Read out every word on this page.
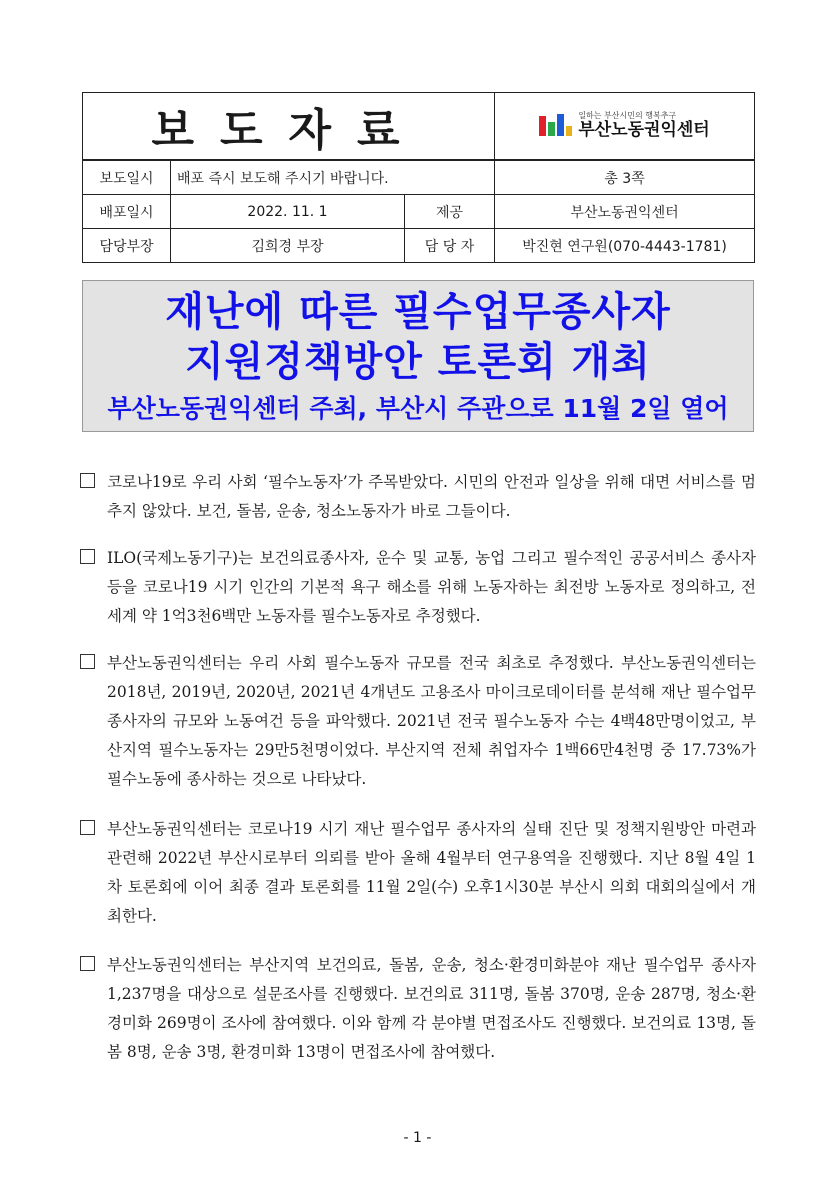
보도자료			일하는 부산시민의 행복추구
부산노동권익센터

보도일시	배포 즉시 보도해 주시기 바랍니다.		총 3쪽
배포일시	2022. 11. 1	제공	부산노동권익센터
담당부장	김희경 부장	담 당 자	박진현 연구원(070-4443-1781)
재난에 따른 필수업무종사자
지원정책방안 토론회 개최
부산노동권익센터 주최, 부산시 주관으로 11월 2일 열어
코로나19로 우리 사회 ‘필수노동자’가 주목받았다. 시민의 안전과 일상을 위해 대면 서비스를 멈추지 않았다. 보건, 돌봄, 운송, 청소노동자가 바로 그들이다.
ILO(국제노동기구)는 보건의료종사자, 운수 및 교통, 농업 그리고 필수적인 공공서비스 종사자 등을 코로나19 시기 인간의 기본적 욕구 해소를 위해 노동자하는 최전방 노동자로 정의하고, 전 세계 약 1억3천6백만 노동자를 필수노동자로 추정했다.
부산노동권익센터는 우리 사회 필수노동자 규모를 전국 최초로 추정했다. 부산노동권익센터는 2018년, 2019년, 2020년, 2021년 4개년도 고용조사 마이크로데이터를 분석해 재난 필수업무종사자의 규모와 노동여건 등을 파악했다. 2021년 전국 필수노동자 수는 4백48만명이었고, 부산지역 필수노동자는 29만5천명이었다. 부산지역 전체 취업자수 1백66만4천명 중 17.73%가 필수노동에 종사하는 것으로 나타났다.
부산노동권익센터는 코로나19 시기 재난 필수업무 종사자의 실태 진단 및 정책지원방안 마련과 관련해 2022년 부산시로부터 의뢰를 받아 올해 4월부터 연구용역을 진행했다. 지난 8월 4일 1차 토론회에 이어 최종 결과 토론회를 11월 2일(수) 오후1시30분 부산시 의회 대회의실에서 개최한다.
부산노동권익센터는 부산지역 보건의료, 돌봄, 운송, 청소·환경미화분야 재난 필수업무 종사자 1,237명을 대상으로 설문조사를 진행했다. 보건의료 311명, 돌봄 370명, 운송 287명, 청소·환경미화 269명이 조사에 참여했다. 이와 함께 각 분야별 면접조사도 진행했다. 보건의료 13명, 돌봄 8명, 운송 3명, 환경미화 13명이 면접조사에 참여했다.
- 1 -
